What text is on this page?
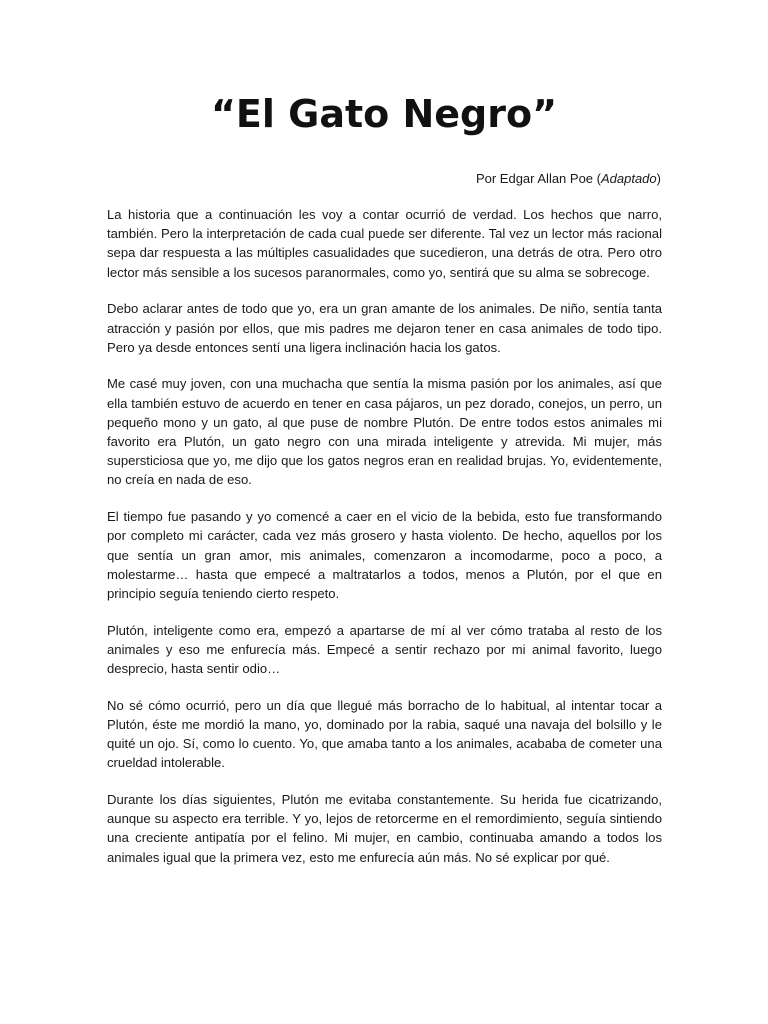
“El Gato Negro”

Por Edgar Allan Poe (Adaptado)

La historia que a continuación les voy a contar ocurrió de verdad. Los hechos que narro, también. Pero la interpretación de cada cual puede ser diferente. Tal vez un lector más racional sepa dar respuesta a las múltiples casualidades que sucedieron, una detrás de otra. Pero otro lector más sensible a los sucesos paranormales, como yo, sentirá que su alma se sobrecoge.

Debo aclarar antes de todo que yo, era un gran amante de los animales. De niño, sentía tanta atracción y pasión por ellos, que mis padres me dejaron tener en casa animales de todo tipo. Pero ya desde entonces sentí una ligera inclinación hacia los gatos.

Me casé muy joven, con una muchacha que sentía la misma pasión por los animales, así que ella también estuvo de acuerdo en tener en casa pájaros, un pez dorado, conejos, un perro, un pequeño mono y un gato, al que puse de nombre Plutón. De entre todos estos animales mi favorito era Plutón, un gato negro con una mirada inteligente y atrevida. Mi mujer, más supersticiosa que yo, me dijo que los gatos negros eran en realidad brujas. Yo, evidentemente, no creía en nada de eso.

El tiempo fue pasando y yo comencé a caer en el vicio de la bebida, esto fue transformando por completo mi carácter, cada vez más grosero y hasta violento. De hecho, aquellos por los que sentía un gran amor, mis animales, comenzaron a incomodarme, poco a poco, a molestarme… hasta que empecé a maltratarlos a todos, menos a Plutón, por el que en principio seguía teniendo cierto respeto.

Plutón, inteligente como era, empezó a apartarse de mí al ver cómo trataba al resto de los animales y eso me enfurecía más. Empecé a sentir rechazo por mi animal favorito, luego desprecio, hasta sentir odio…

No sé cómo ocurrió, pero un día que llegué más borracho de lo habitual, al intentar tocar a Plutón, éste me mordió la mano, yo, dominado por la rabia, saqué una navaja del bolsillo y le quité un ojo. Sí, como lo cuento. Yo, que amaba tanto a los animales, acababa de cometer una crueldad intolerable.

Durante los días siguientes, Plutón me evitaba constantemente. Su herida fue cicatrizando, aunque su aspecto era terrible. Y yo, lejos de retorcerme en el remordimiento, seguía sintiendo una creciente antipatía por el felino. Mi mujer, en cambio, continuaba amando a todos los animales igual que la primera vez, esto me enfurecía aún más. No sé explicar por qué.
